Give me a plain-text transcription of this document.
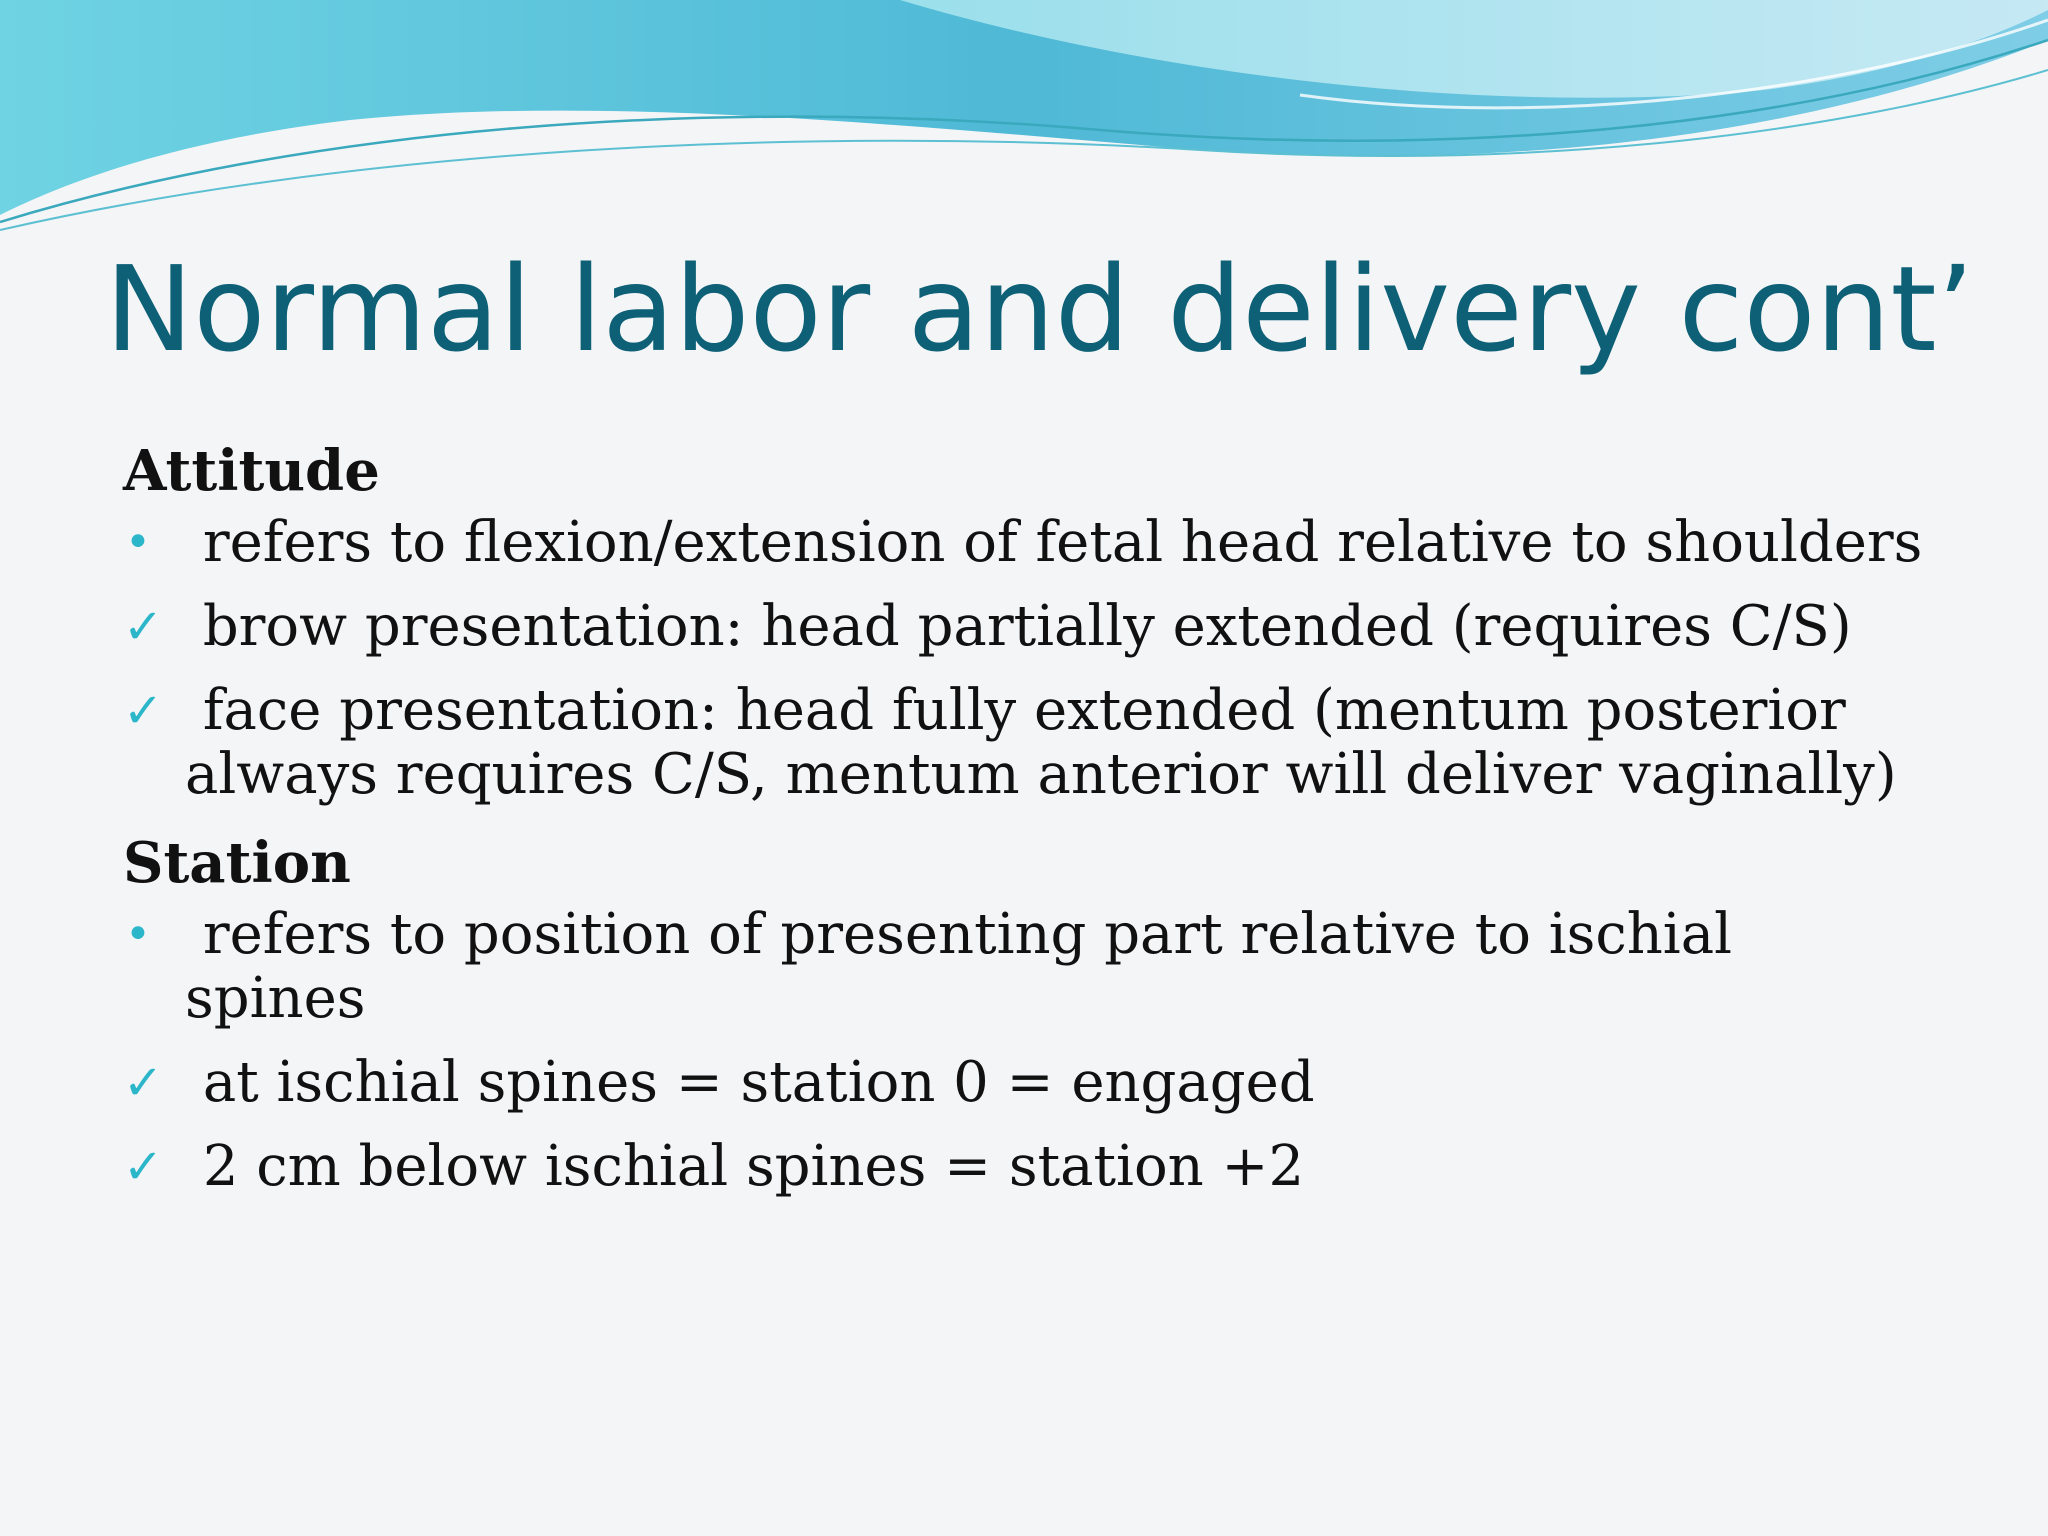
Normal labor and delivery cont’
Attitude
• refers to flexion/extension of fetal head relative to shoulders
✓ brow presentation: head partially extended (requires C/S)
✓ face presentation: head fully extended (mentum posterior always requires C/S, mentum anterior will deliver vaginally)
Station
• refers to position of presenting part relative to ischial spines
✓ at ischial spines = station 0 = engaged
✓ 2 cm below ischial spines = station +2
